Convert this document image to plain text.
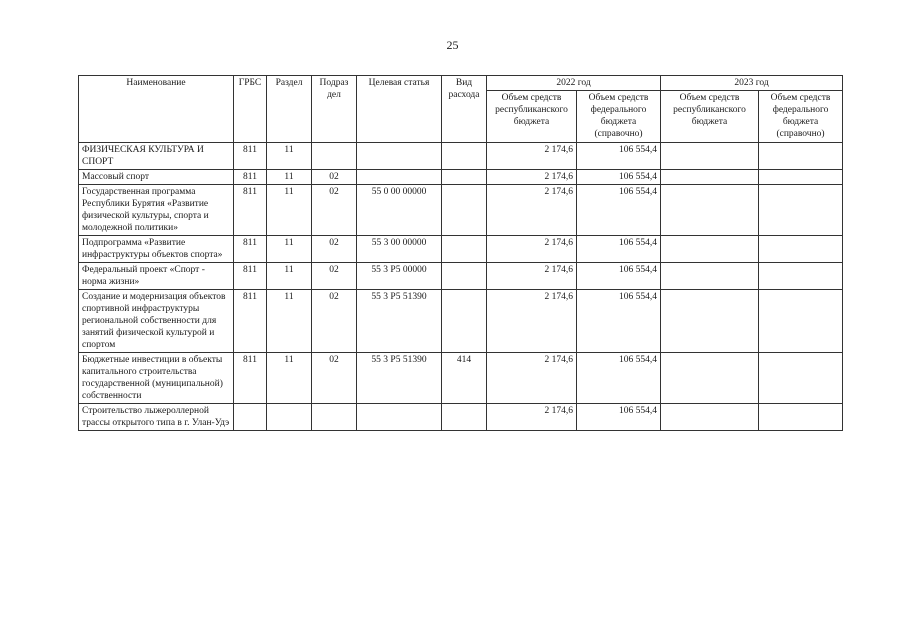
25
Наименование	ГРБС	Раздел	Подраз дел	Целевая статья	Вид расхода	2022 год		2023 год	
						Объем средств республиканского бюджета	Объем средств федерального бюджета (справочно)	Объем средств республиканского бюджета	Объем средств федерального бюджета (справочно)
ФИЗИЧЕСКАЯ КУЛЬТУРА И СПОРТ	811	11				2 174,6	106 554,4		
Массовый спорт	811	11	02			2 174,6	106 554,4		
Государственная программа Республики Бурятия «Развитие физической культуры, спорта и молодежной политики»	811	11	02	55 0 00 00000		2 174,6	106 554,4		
Подпрограмма «Развитие инфраструктуры объектов спорта»	811	11	02	55 3 00 00000		2 174,6	106 554,4		
Федеральный проект «Спорт - норма жизни»	811	11	02	55 3 P5 00000		2 174,6	106 554,4		
Создание и модернизация объектов спортивной инфраструктуры региональной собственности для занятий физической культурой и спортом	811	11	02	55 3 P5 51390		2 174,6	106 554,4		
Бюджетные инвестиции в объекты капитального строительства государственной (муниципальной) собственности	811	11	02	55 3 P5 51390	414	2 174,6	106 554,4		
Строительство лыжероллерной трассы открытого типа в г. Улан-Удэ						2 174,6	106 554,4		
